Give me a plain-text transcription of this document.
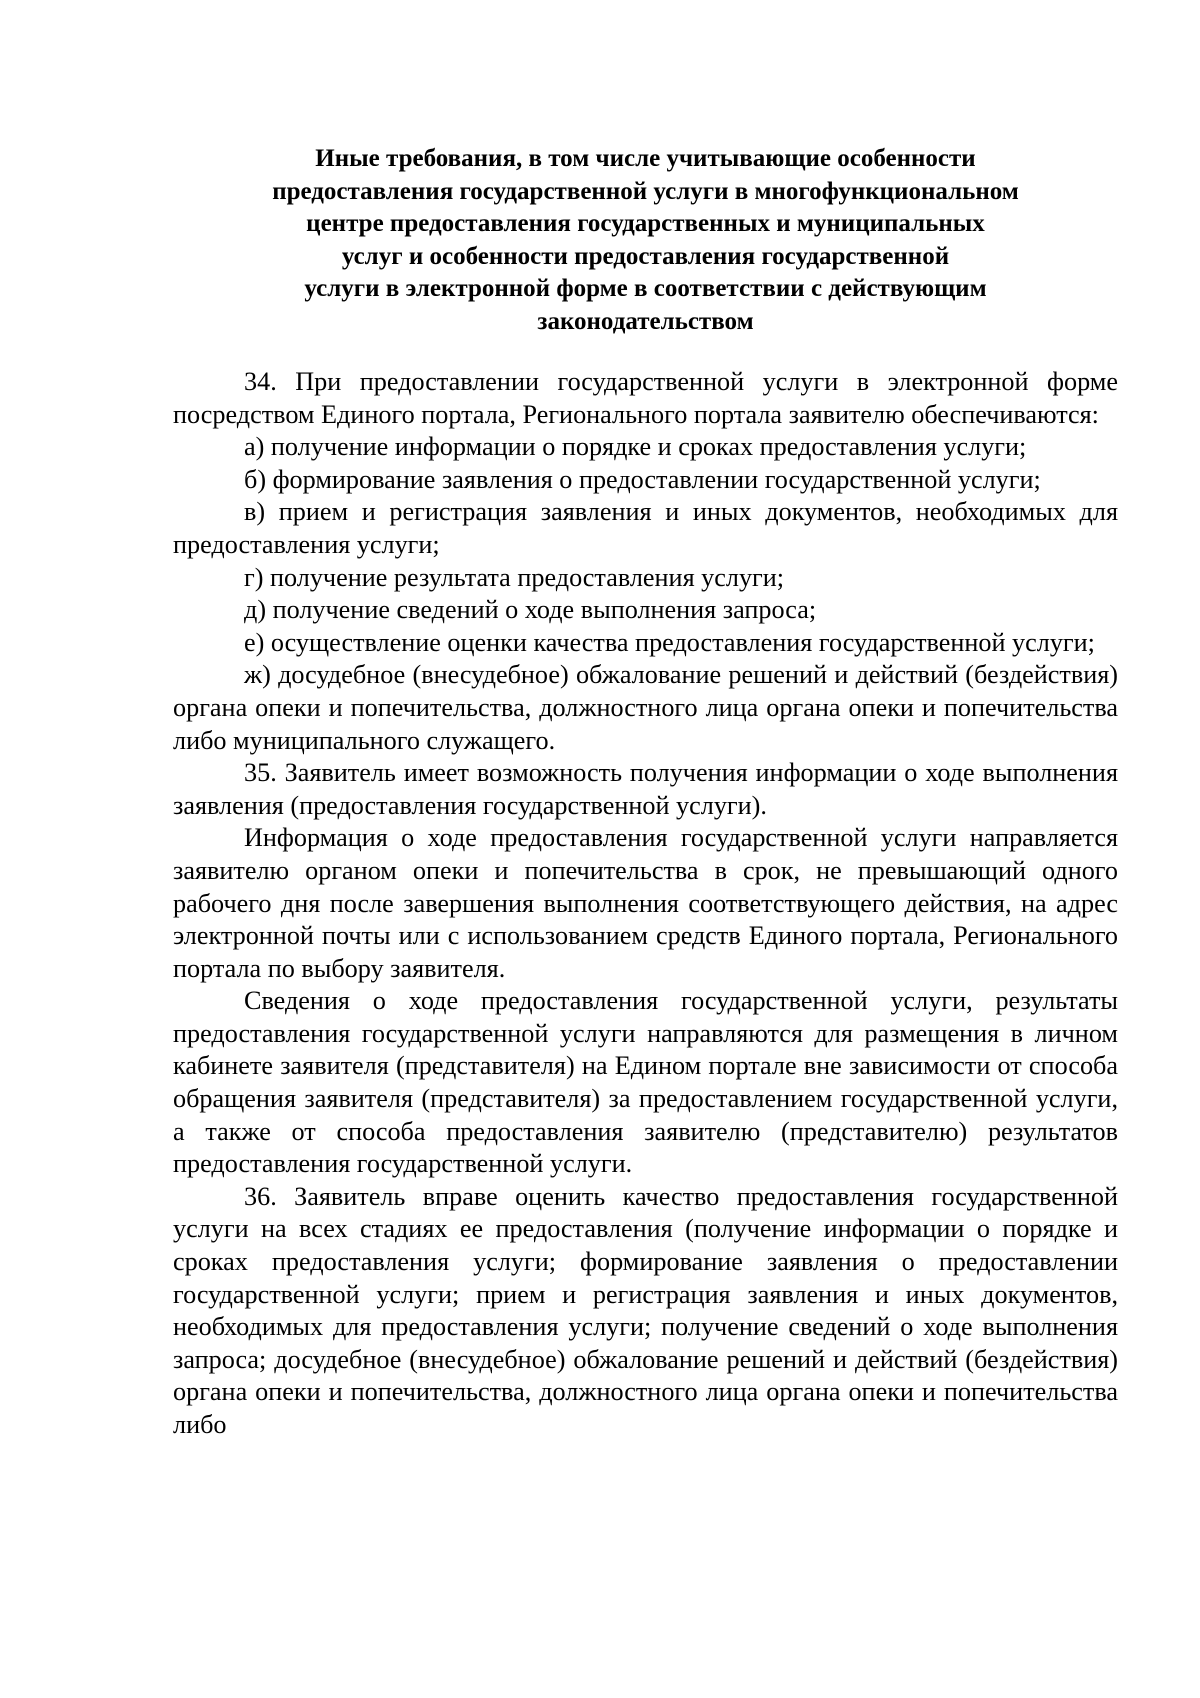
Иные требования, в том числе учитывающие особенности
предоставления государственной услуги в многофункциональном
центре предоставления государственных и муниципальных
услуг и особенности предоставления государственной
услуги в электронной форме в соответствии с действующим
законодательством

34. При предоставлении государственной услуги в электронной форме посредством Единого портала, Регионального портала заявителю обеспечиваются:

а) получение информации о порядке и сроках предоставления услуги;

б) формирование заявления о предоставлении государственной услуги;

в) прием и регистрация заявления и иных документов, необходимых для предоставления услуги;

г) получение результата предоставления услуги;

д) получение сведений о ходе выполнения запроса;

е) осуществление оценки качества предоставления государственной услуги;

ж) досудебное (внесудебное) обжалование решений и действий (бездействия) органа опеки и попечительства, должностного лица органа опеки и попечительства либо муниципального служащего.

35. Заявитель имеет возможность получения информации о ходе выполнения заявления (предоставления государственной услуги).

Информация о ходе предоставления государственной услуги направляется заявителю органом опеки и попечительства в срок, не превышающий одного рабочего дня после завершения выполнения соответствующего действия, на адрес электронной почты или с использованием средств Единого портала, Регионального портала по выбору заявителя.

Сведения о ходе предоставления государственной услуги, результаты предоставления государственной услуги направляются для размещения в личном кабинете заявителя (представителя) на Едином портале вне зависимости от способа обращения заявителя (представителя) за предоставлением государственной услуги, а также от способа предоставления заявителю (представителю) результатов предоставления государственной услуги.

36. Заявитель вправе оценить качество предоставления государственной услуги на всех стадиях ее предоставления (получение информации о порядке и сроках предоставления услуги; формирование заявления о предоставлении государственной услуги; прием и регистрация заявления и иных документов, необходимых для предоставления услуги; получение сведений о ходе выполнения запроса; досудебное (внесудебное) обжалование решений и действий (бездействия) органа опеки и попечительства, должностного лица органа опеки и попечительства либо
